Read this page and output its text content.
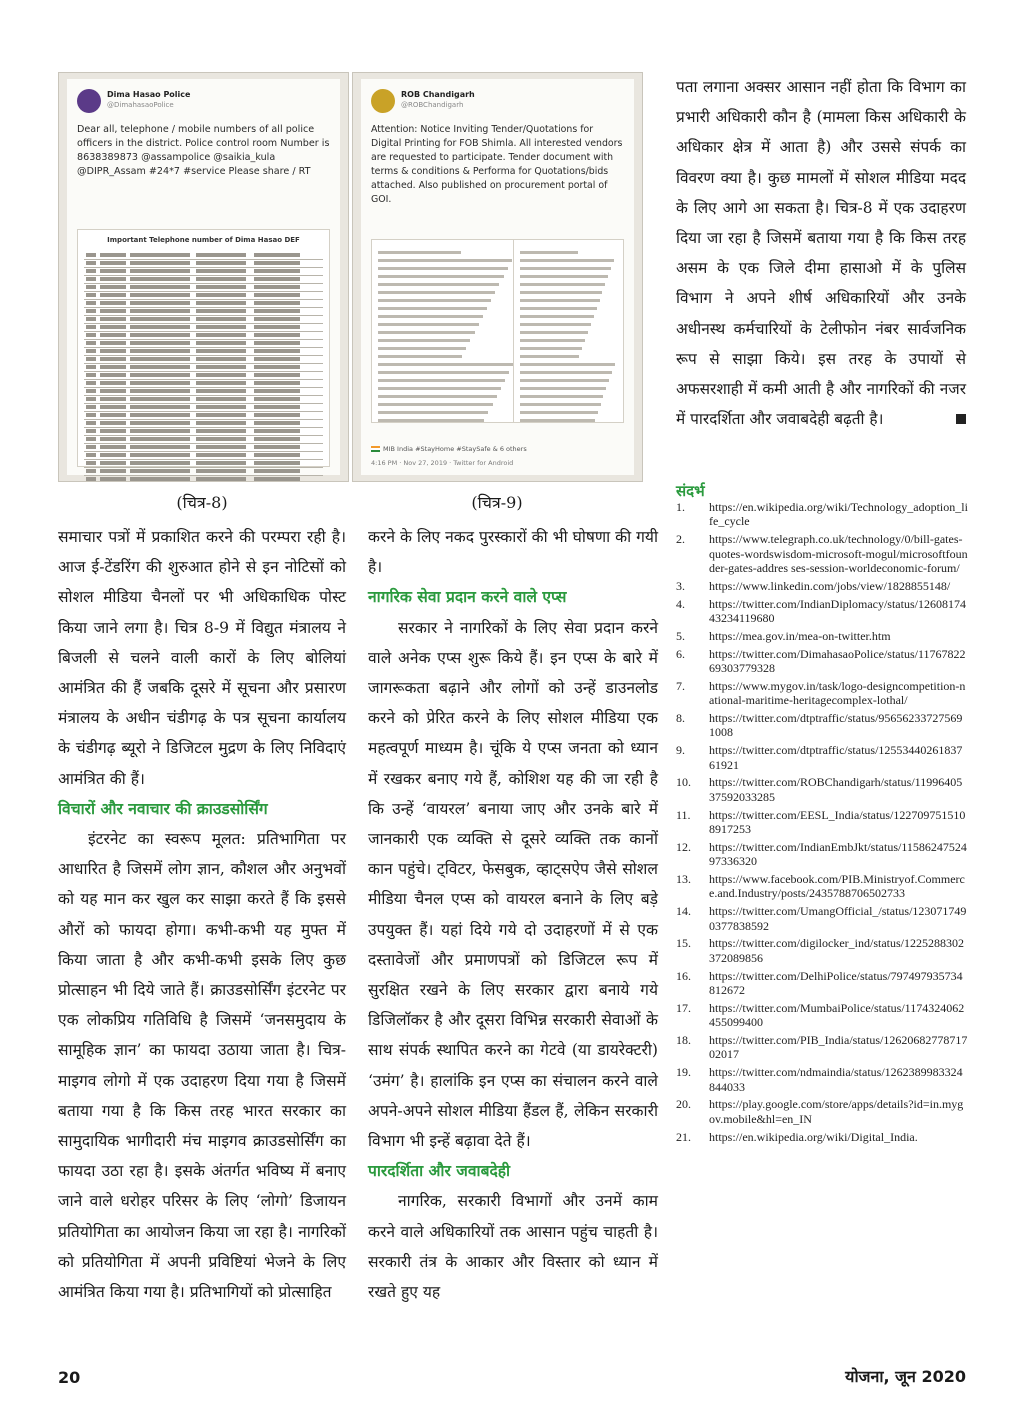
Dima Hasao Police
@DimahasaoPolice
Dear all, telephone / mobile numbers of all police officers in the district. Police control room Number is 8638389873 @assampolice @saikia_kula @DIPR_Assam #24*7 #service Please share / RT
Important Telephone number of Dima Hasao DEF
ROB Chandigarh
@ROBChandigarh
Attention: Notice Inviting Tender/Quotations for Digital Printing for FOB Shimla. All interested vendors are requested to participate. Tender document with terms & conditions & Performa for Quotations/bids attached. Also published on procurement portal of GOI.
MIB India #StayHome #StaySafe & 6 others
4:16 PM · Nov 27, 2019 · Twitter for Android
(चित्र-8)	(चित्र-9)
पता लगाना अक्सर आसान नहीं होता कि विभाग का प्रभारी अधिकारी कौन है (मामला किस अधिकारी के अधिकार क्षेत्र में आता है) और उससे संपर्क का विवरण क्या है। कुछ मामलों में सोशल मीडिया मदद के लिए आगे आ सकता है। चित्र-8 में एक उदाहरण दिया जा रहा है जिसमें बताया गया है कि किस तरह असम के एक जिले दीमा हासाओ में के पुलिस विभाग ने अपने शीर्ष अधिकारियों और उनके अधीनस्थ कर्मचारियों के टेलीफोन नंबर सार्वजनिक रूप से साझा किये। इस तरह के उपायों से अफसरशाही में कमी आती है और नागरिकों की नजर में पारदर्शिता और जवाबदेही बढ़ती है।
संदर्भ
1. https://en.wikipedia.org/wiki/Technology_adoption_life_cycle
2. https://www.telegraph.co.uk/technology/0/bill-gates-quotes-wordswisdom-microsoft-mogul/microsoftfounder-gates-addres ses-session-worldeconomic-forum/
3. https://www.linkedin.com/jobs/view/1828855148/
4. https://twitter.com/IndianDiplomacy/status/1260817443234119680
5. https://mea.gov.in/mea-on-twitter.htm
6. https://twitter.com/DimahasaoPolice/status/1176782269303779328
7. https://www.mygov.in/task/logo-designcompetition-national-maritime-heritagecomplex-lothal/
8. https://twitter.com/dtptraffic/status/956562337275691008
9. https://twitter.com/dtptraffic/status/1255344026183761921
10. https://twitter.com/ROBChandigarh/status/1199640537592033285
11. https://twitter.com/EESL_India/status/1227097515108917253
12. https://twitter.com/IndianEmbJkt/status/1158624752497336320
13. https://www.facebook.com/PIB.Ministryof.Commerce.and.Industry/posts/2435788706502733
14. https://twitter.com/UmangOfficial_/status/1230717490377838592
15. https://twitter.com/digilocker_ind/status/1225288302372089856
16. https://twitter.com/DelhiPolice/status/797497935734812672
17. https://twitter.com/MumbaiPolice/status/1174324062455099400
18. https://twitter.com/PIB_India/status/1262068277871702017
19. https://twitter.com/ndmaindia/status/1262389983324844033
20. https://play.google.com/store/apps/details?id=in.mygov.mobile&hl=en_IN
21. https://en.wikipedia.org/wiki/Digital_India.

समाचार पत्रों में प्रकाशित करने की परम्परा रही है। आज ई-टेंडरिंग की शुरुआत होने से इन नोटिसों को सोशल मीडिया चैनलों पर भी अधिकाधिक पोस्ट किया जाने लगा है। चित्र 8-9 में विद्युत मंत्रालय ने बिजली से चलने वाली कारों के लिए बोलियां आमंत्रित की हैं जबकि दूसरे में सूचना और प्रसारण मंत्रालय के अधीन चंडीगढ़ के पत्र सूचना कार्यालय के चंडीगढ़ ब्यूरो ने डिजिटल मुद्रण के लिए निविदाएं आमंत्रित की हैं।

विचारों और नवाचार की क्राउडसोर्सिंग

इंटरनेट का स्वरूप मूलत: प्रतिभागिता पर आधारित है जिसमें लोग ज्ञान, कौशल और अनुभवों को यह मान कर खुल कर साझा करते हैं कि इससे औरों को फायदा होगा। कभी-कभी यह मुफ्त में किया जाता है और कभी-कभी इसके लिए कुछ प्रोत्साहन भी दिये जाते हैं। क्राउडसोर्सिंग इंटरनेट पर एक लोकप्रिय गतिविधि है जिसमें ‘जनसमुदाय के सामूहिक ज्ञान’ का फायदा उठाया जाता है। चित्र-माइगव लोगो में एक उदाहरण दिया गया है जिसमें बताया गया है कि किस तरह भारत सरकार का सामुदायिक भागीदारी मंच माइगव क्राउडसोर्सिंग का फायदा उठा रहा है। इसके अंतर्गत भविष्य में बनाए जाने वाले धरोहर परिसर के लिए ‘लोगो’ डिजायन प्रतियोगिता का आयोजन किया जा रहा है। नागरिकों को प्रतियोगिता में अपनी प्रविष्टियां भेजने के लिए आमंत्रित किया गया है। प्रतिभागियों को प्रोत्साहित

करने के लिए नकद पुरस्कारों की भी घोषणा की गयी है।

नागरिक सेवा प्रदान करने वाले एप्स

सरकार ने नागरिकों के लिए सेवा प्रदान करने वाले अनेक एप्स शुरू किये हैं। इन एप्स के बारे में जागरूकता बढ़ाने और लोगों को उन्हें डाउनलोड करने को प्रेरित करने के लिए सोशल मीडिया एक महत्वपूर्ण माध्यम है। चूंकि ये एप्स जनता को ध्यान में रखकर बनाए गये हैं, कोशिश यह की जा रही है कि उन्हें ‘वायरल’ बनाया जाए और उनके बारे में जानकारी एक व्यक्ति से दूसरे व्यक्ति तक कानों कान पहुंचे। ट्विटर, फेसबुक, व्हाट्सऐप जैसे सोशल मीडिया चैनल एप्स को वायरल बनाने के लिए बड़े उपयुक्त हैं। यहां दिये गये दो उदाहरणों में से एक दस्तावेजों और प्रमाणपत्रों को डिजिटल रूप में सुरक्षित रखने के लिए सरकार द्वारा बनाये गये डिजिलॉकर है और दूसरा विभिन्न सरकारी सेवाओं के साथ संपर्क स्थापित करने का गेटवे (या डायरेक्टरी) ‘उमंग’ है। हालांकि इन एप्स का संचालन करने वाले अपने-अपने सोशल मीडिया हैंडल हैं, लेकिन सरकारी विभाग भी इन्हें बढ़ावा देते हैं।

पारदर्शिता और जवाबदेही

नागरिक, सरकारी विभागों और उनमें काम करने वाले अधिकारियों तक आसान पहुंच चाहती है। सरकारी तंत्र के आकार और विस्तार को ध्यान में रखते हुए यह

20	योजना, जून 2020
